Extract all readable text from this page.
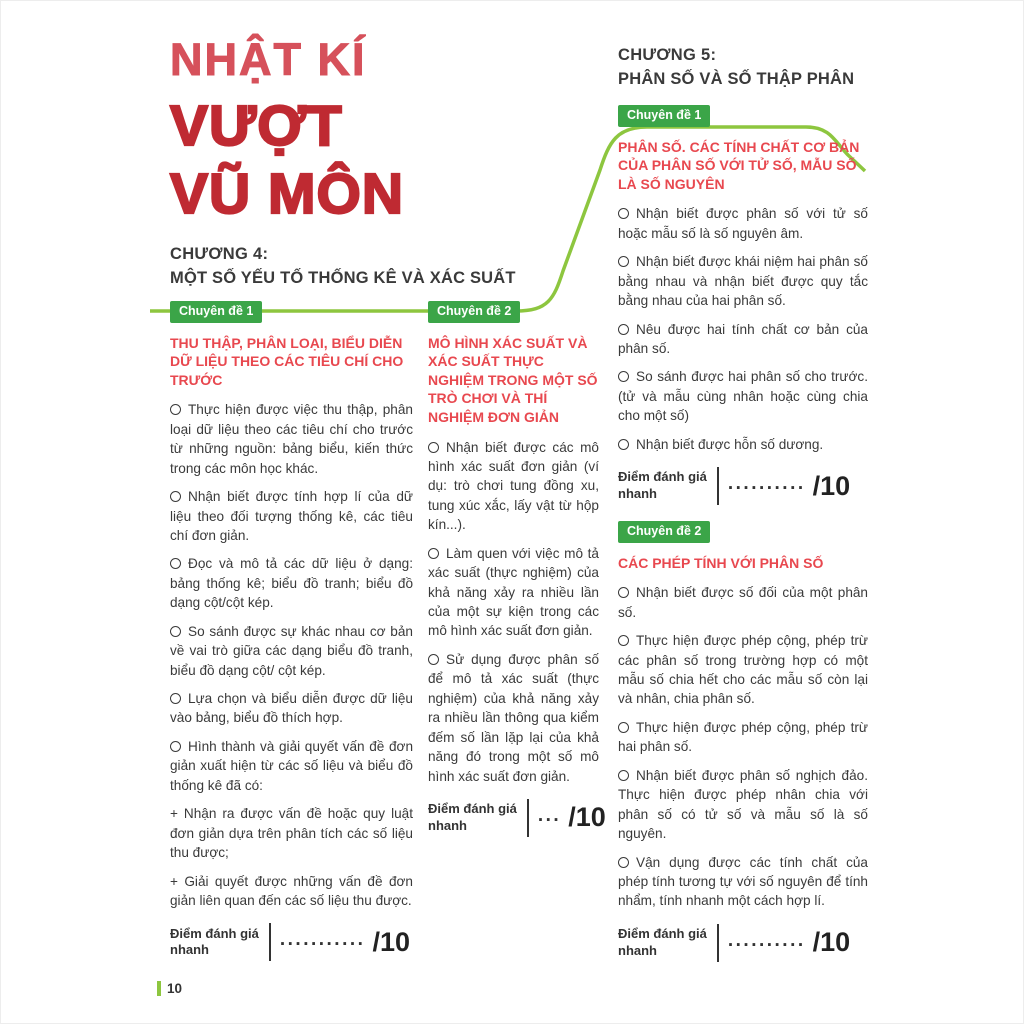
NHẬT KÍ
VƯỢT
VŨ MÔN
CHƯƠNG 4:
MỘT SỐ YẾU TỐ THỐNG KÊ VÀ XÁC SUẤT
Chuyên đề 1
THU THẬP, PHÂN LOẠI, BIỂU DIỄN DỮ LIỆU THEO CÁC TIÊU CHÍ CHO TRƯỚC

Thực hiện được việc thu thập, phân loại dữ liệu theo các tiêu chí cho trước từ những nguồn: bảng biểu, kiến thức trong các môn học khác.

Nhận biết được tính hợp lí của dữ liệu theo đối tượng thống kê, các tiêu chí đơn giản.

Đọc và mô tả các dữ liệu ở dạng: bảng thống kê; biểu đồ tranh; biểu đồ dạng cột/cột kép.

So sánh được sự khác nhau cơ bản về vai trò giữa các dạng biểu đồ tranh, biểu đồ dạng cột/ cột kép.

Lựa chọn và biểu diễn được dữ liệu vào bảng, biểu đồ thích hợp.

Hình thành và giải quyết vấn đề đơn giản xuất hiện từ các số liệu và biểu đồ thống kê đã có:

+ Nhận ra được vấn đề hoặc quy luật đơn giản dựa trên phân tích các số liệu thu được;

+ Giải quyết được những vấn đề đơn giản liên quan đến các số liệu thu được.

Điểm đánh giá
nhanh	........... /10
Chuyên đề 2
MÔ HÌNH XÁC SUẤT VÀ XÁC SUẤT THỰC NGHIỆM TRONG MỘT SỐ TRÒ CHƠI VÀ THÍ NGHIỆM ĐƠN GIẢN

Nhận biết được các mô hình xác suất đơn giản (ví dụ: trò chơi tung đồng xu, tung xúc xắc, lấy vật từ hộp kín...).

Làm quen với việc mô tả xác suất (thực nghiệm) của khả năng xảy ra nhiều lần của một sự kiện trong các mô hình xác suất đơn giản.

Sử dụng được phân số để mô tả xác suất (thực nghiệm) của khả năng xảy ra nhiều lần thông qua kiểm đếm số lần lặp lại của khả năng đó trong một số mô hình xác suất đơn giản.

Điểm đánh giá
nhanh	... /10
CHƯƠNG 5:
PHÂN SỐ VÀ SỐ THẬP PHÂN
Chuyên đề 1
PHÂN SỐ. CÁC TÍNH CHẤT CƠ BẢN CỦA PHÂN SỐ VỚI TỬ SỐ, MẪU SỐ LÀ SỐ NGUYÊN

Nhận biết được phân số với tử số hoặc mẫu số là số nguyên âm.

Nhận biết được khái niệm hai phân số bằng nhau và nhận biết được quy tắc bằng nhau của hai phân số.

Nêu được hai tính chất cơ bản của phân số.

So sánh được hai phân số cho trước. (tử và mẫu cùng nhân hoặc cùng chia cho một số)

Nhận biết được hỗn số dương.

Điểm đánh giá
nhanh	.......... /10
Chuyên đề 2
CÁC PHÉP TÍNH VỚI PHÂN SỐ

Nhận biết được số đối của một phân số.

Thực hiện được phép cộng, phép trừ các phân số trong trường hợp có một mẫu số chia hết cho các mẫu số còn lại và nhân, chia phân số.

Thực hiện được phép cộng, phép trừ hai phân số.

Nhận biết được phân số nghịch đảo. Thực hiện được phép nhân chia với phân số có tử số và mẫu số là số nguyên.

Vận dụng được các tính chất của phép tính tương tự với số nguyên để tính nhẩm, tính nhanh một cách hợp lí.

Điểm đánh giá
nhanh	.......... /10
10
